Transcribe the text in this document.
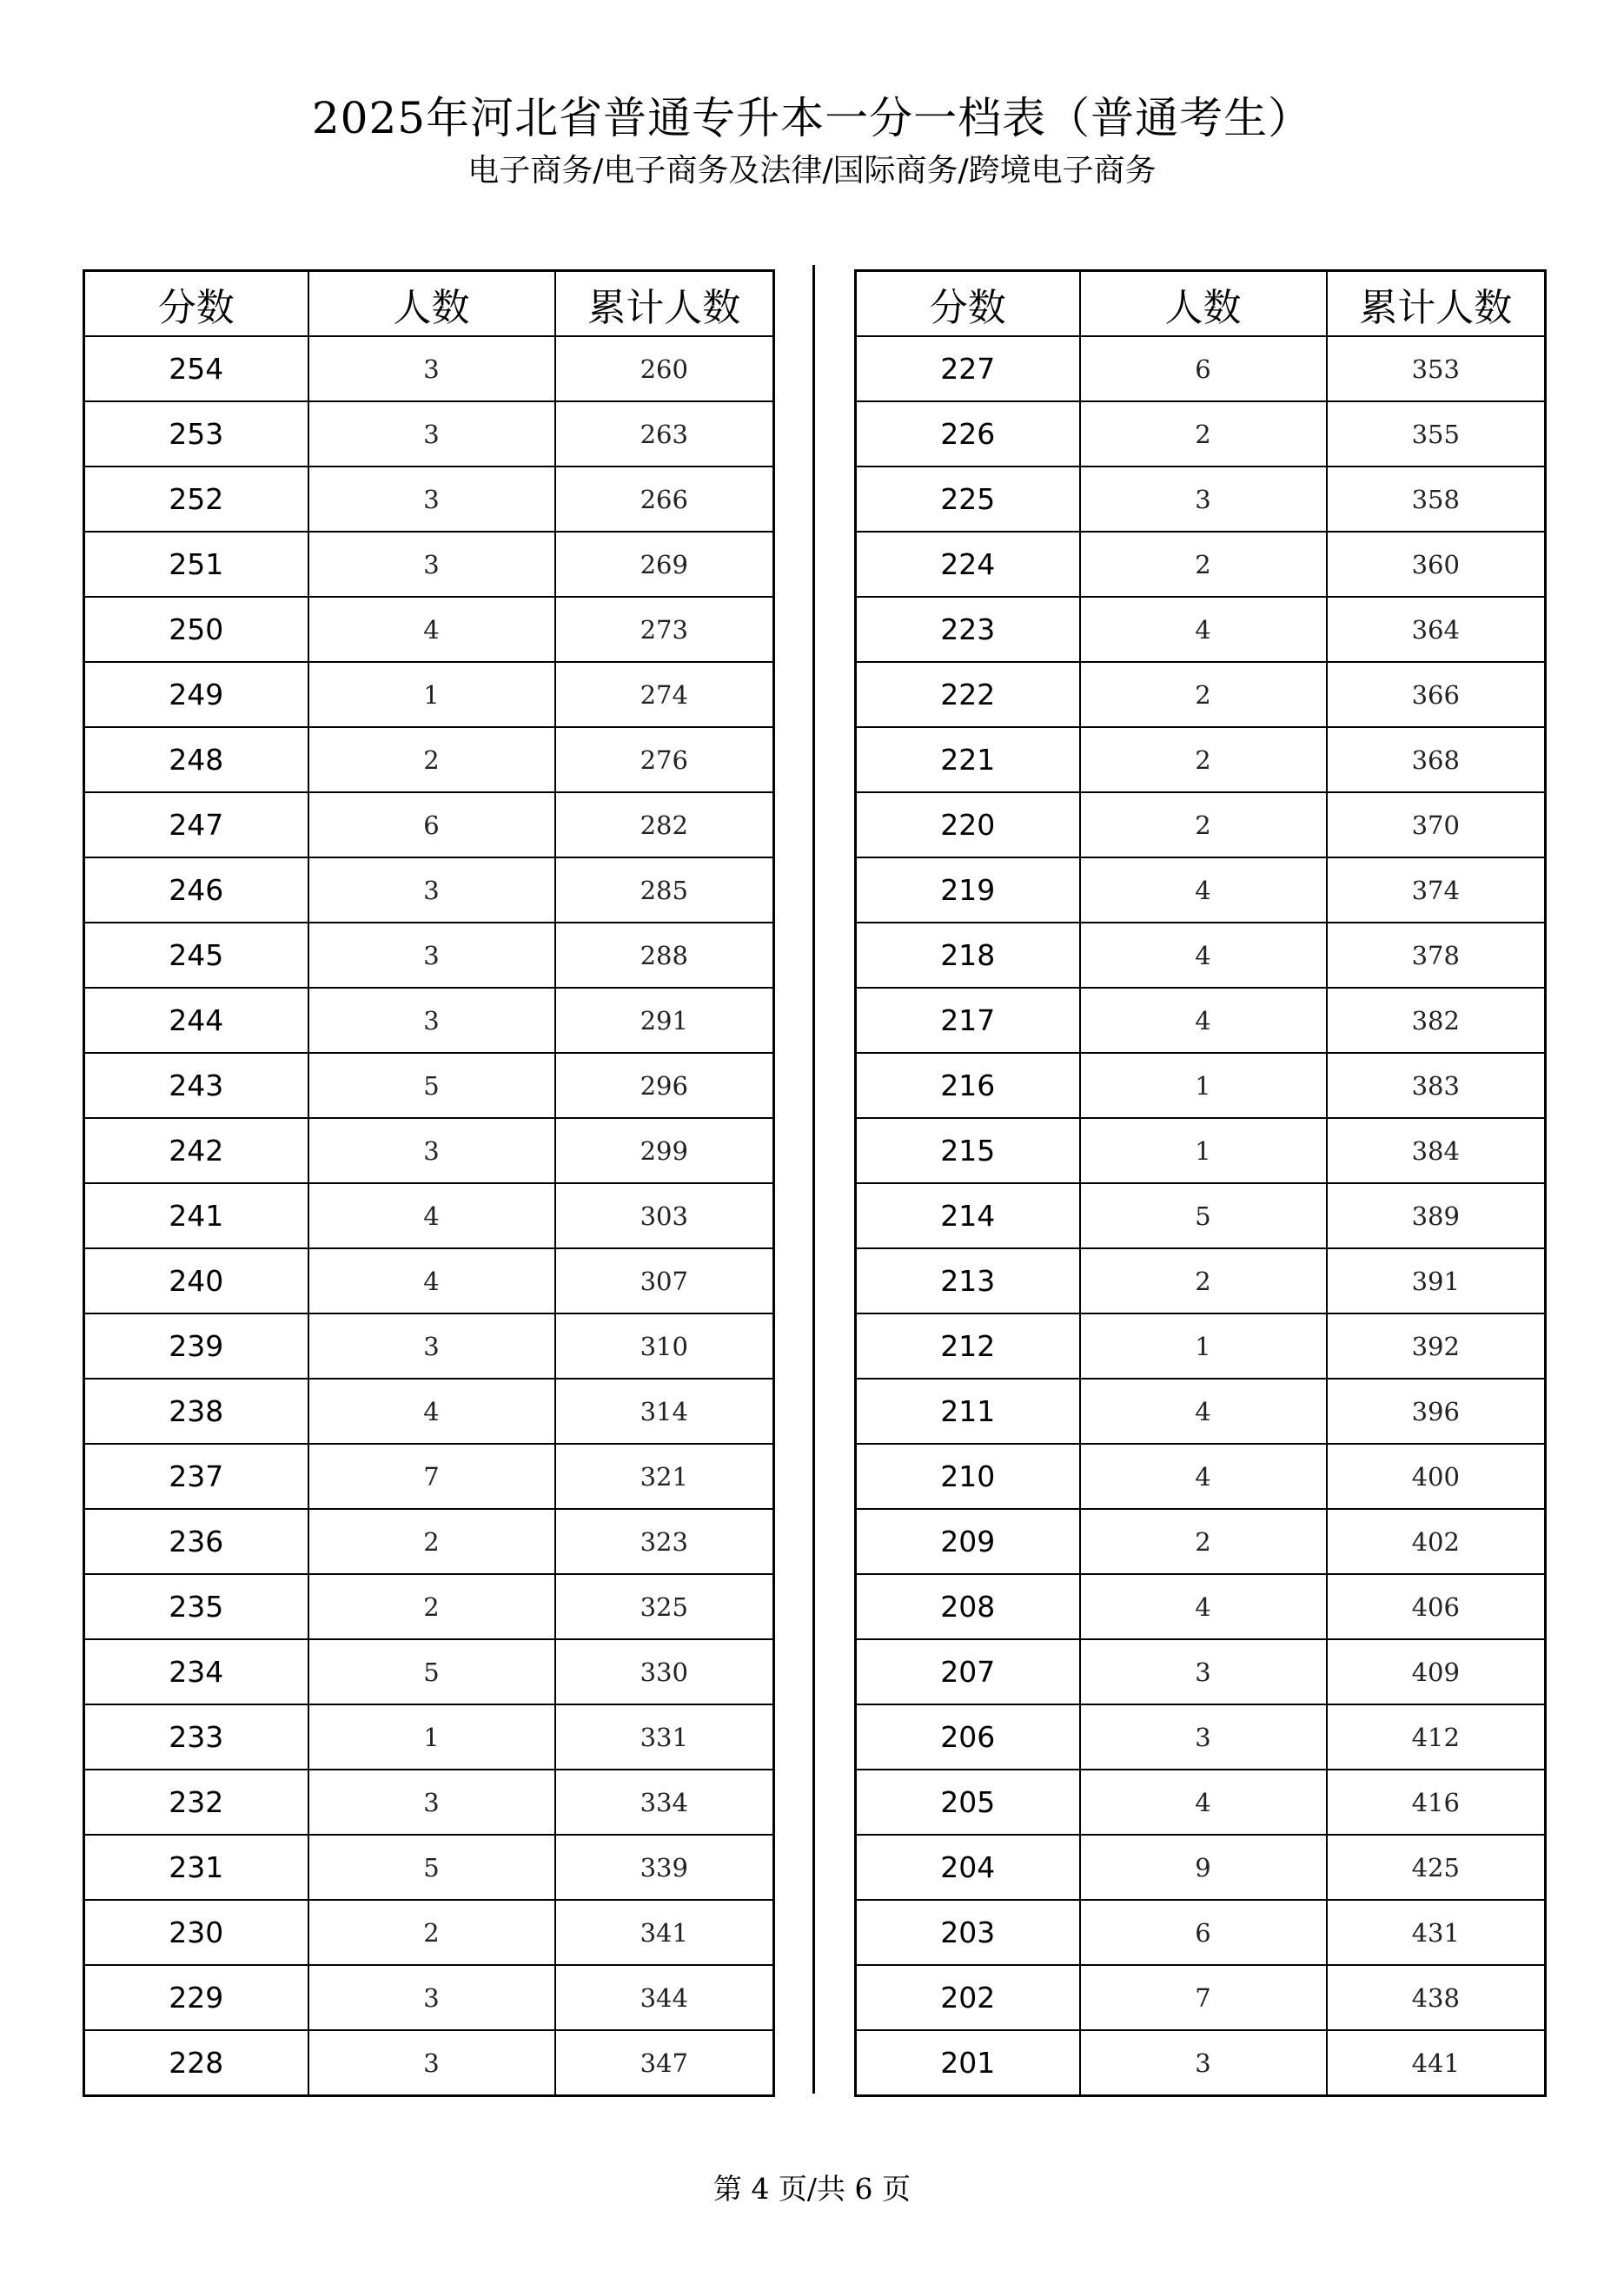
2025年河北省普通专升本一分一档表（普通考生）
电子商务/电子商务及法律/国际商务/跨境电子商务
分数	人数	累计人数
254	3	260
253	3	263
252	3	266
251	3	269
250	4	273
249	1	274
248	2	276
247	6	282
246	3	285
245	3	288
244	3	291
243	5	296
242	3	299
241	4	303
240	4	307
239	3	310
238	4	314
237	7	321
236	2	323
235	2	325
234	5	330
233	1	331
232	3	334
231	5	339
230	2	341
229	3	344
228	3	347
分数	人数	累计人数
227	6	353
226	2	355
225	3	358
224	2	360
223	4	364
222	2	366
221	2	368
220	2	370
219	4	374
218	4	378
217	4	382
216	1	383
215	1	384
214	5	389
213	2	391
212	1	392
211	4	396
210	4	400
209	2	402
208	4	406
207	3	409
206	3	412
205	4	416
204	9	425
203	6	431
202	7	438
201	3	441
第 4 页/共 6 页
